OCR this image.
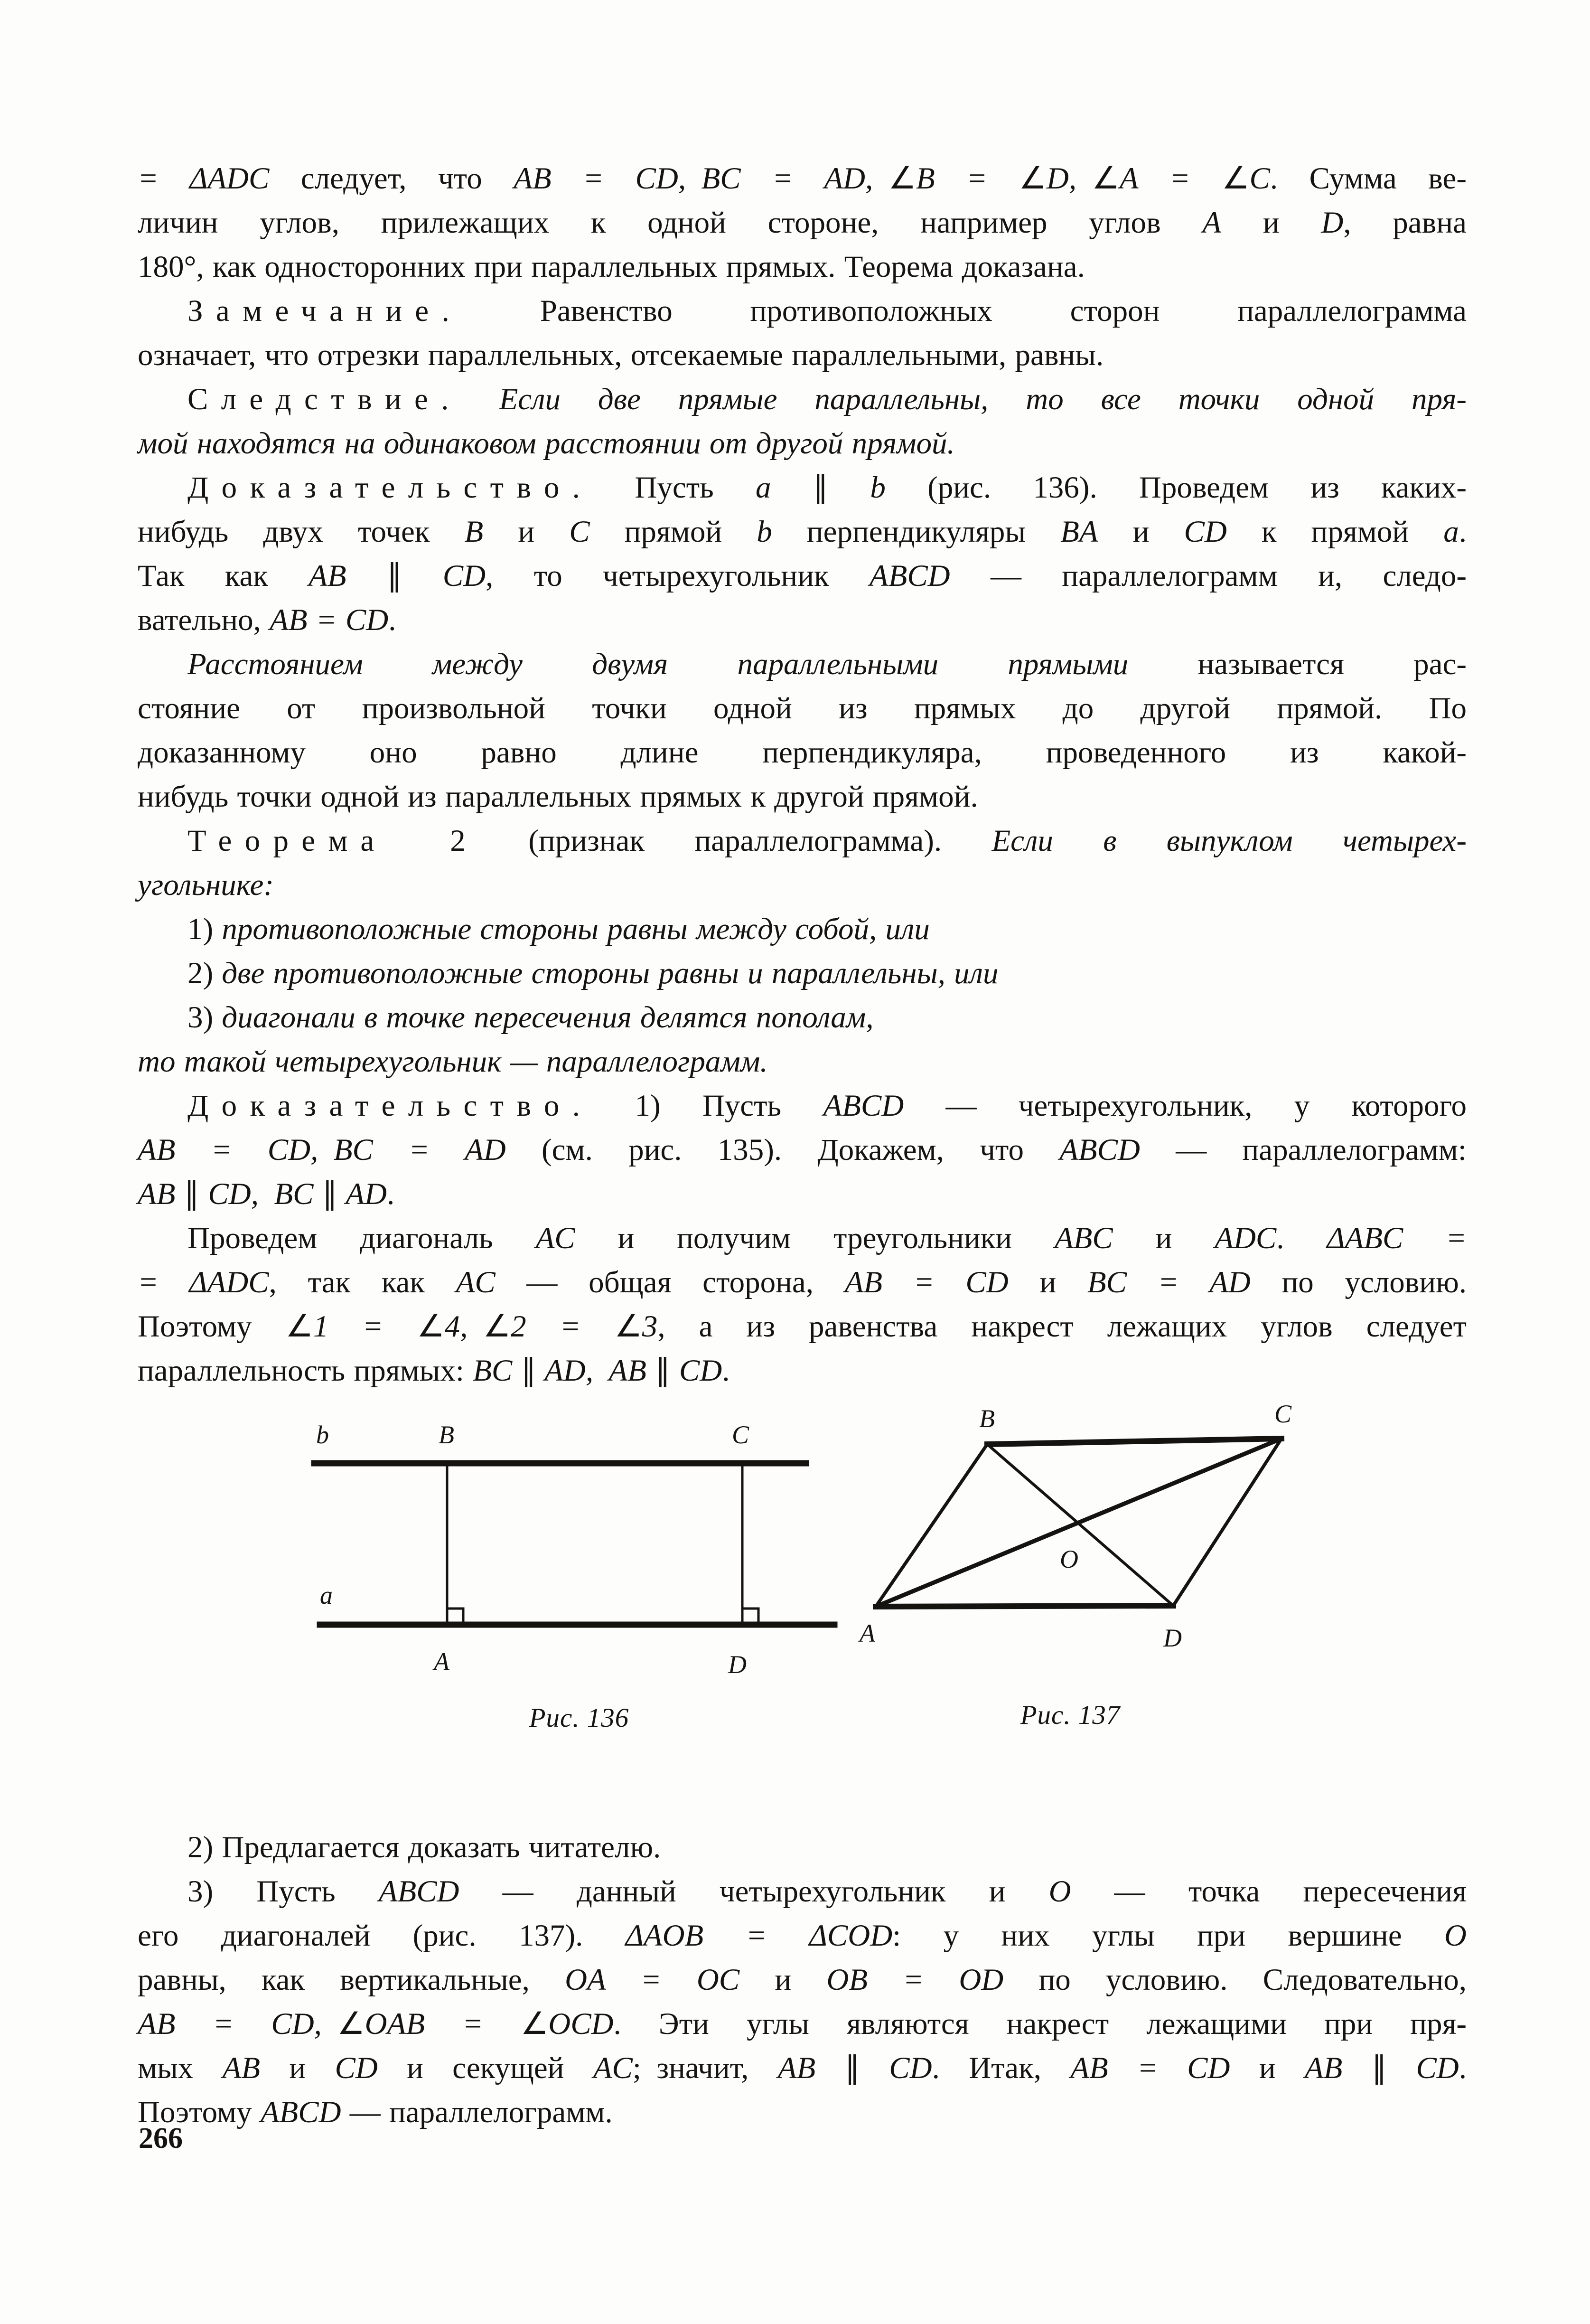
= ΔADC следует, что AB = CD, BC = AD, ∠B = ∠D, ∠A = ∠C. Сумма ве-
личин углов, прилежащих к одной стороне, например углов A и D, равна
180°, как односторонних при параллельных прямых. Теорема доказана.
Замечание. Равенство противоположных сторон параллелограмма
означает, что отрезки параллельных, отсекаемые параллельными, равны.
Следствие. Если две прямые параллельны, то все точки одной пря-
мой находятся на одинаковом расстоянии от другой прямой.
Доказательство. Пусть a ∥ b (рис. 136). Проведем из каких-
нибудь двух точек B и C прямой b перпендикуляры BA и CD к прямой a.
Так как AB ∥ CD, то четырехугольник ABCD — параллелограмм и, следо-
вательно, AB = CD.
Расстоянием между двумя параллельными прямыми называется рас-
стояние от произвольной точки одной из прямых до другой прямой. По
доказанному оно равно длине перпендикуляра, проведенного из какой-
нибудь точки одной из параллельных прямых к другой прямой.
Теорема 2 (признак параллелограмма). Если в выпуклом четырех-
угольнике:
1) противоположные стороны равны между собой, или
2) две противоположные стороны равны и параллельны, или
3) диагонали в точке пересечения делятся пополам,
то такой четырехугольник — параллелограмм.
Доказательство. 1) Пусть ABCD — четырехугольник, у которого
AB = CD, BC = AD (см. рис. 135). Докажем, что ABCD — параллелограмм:
AB ∥ CD, BC ∥ AD.
Проведем диагональ AC и получим треугольники ABC и ADC. ΔABC =
= ΔADC, так как AC — общая сторона, AB = CD и BC = AD по условию.
Поэтому ∠1 = ∠4, ∠2 = ∠3, а из равенства накрест лежащих углов следует
параллельность прямых: BC ∥ AD, AB ∥ CD.
b	B	C
a
A	D
Рис. 136
B	C
A	D
O
Рис. 137
2) Предлагается доказать читателю.
3) Пусть ABCD — данный четырехугольник и O — точка пересечения
его диагоналей (рис. 137). ΔAOB = ΔCOD: у них углы при вершине O
равны, как вертикальные, OA = OC и OB = OD по условию. Следовательно,
AB = CD, ∠OAB = ∠OCD. Эти углы являются накрест лежащими при пря-
мых AB и CD и секущей AC; значит, AB ∥ CD. Итак, AB = CD и AB ∥ CD.
Поэтому ABCD — параллелограмм.
266
